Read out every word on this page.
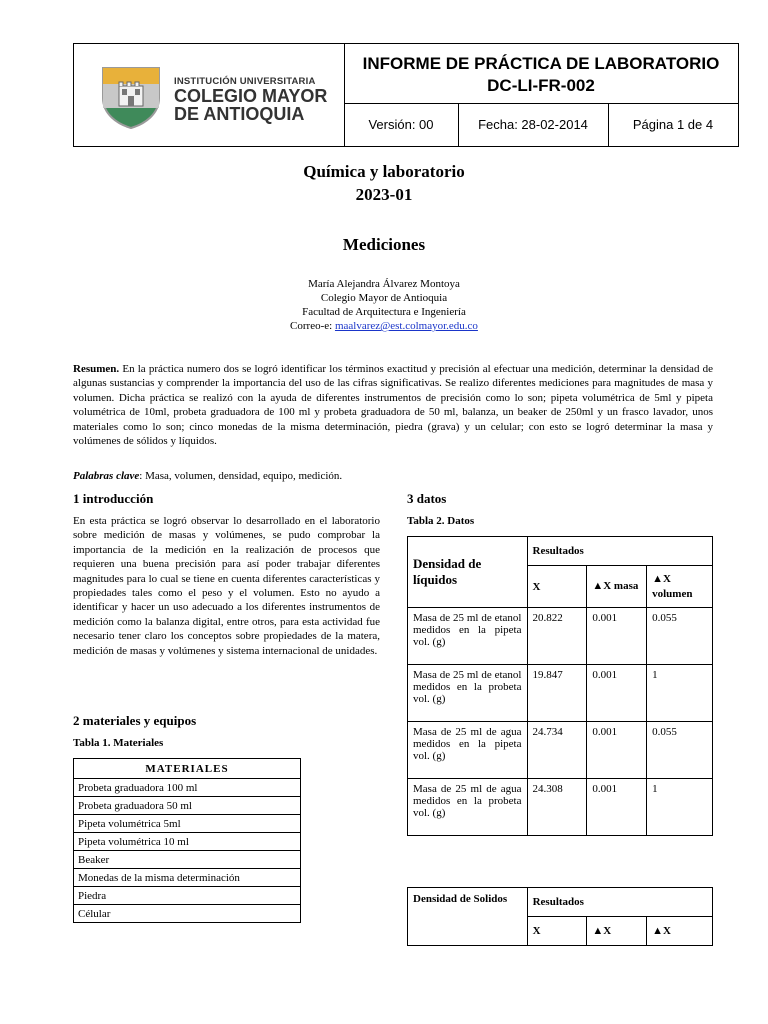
INSTITUCIÓN UNIVERSITARIA
COLEGIO MAYOR
DE ANTIOQUIA
INFORME DE PRÁCTICA DE LABORATORIO
DC-LI-FR-002
Versión: 00	Fecha: 28-02-2014	Página 1 de 4
Química y laboratorio
2023-01
Mediciones
María Alejandra Álvarez Montoya
Colegio Mayor de Antioquia
Facultad de Arquitectura e Ingeniería
Correo-e: maalvarez@est.colmayor.edu.co
Resumen. En la práctica numero dos se logró identificar los términos exactitud y precisión al efectuar una medición, determinar la densidad de algunas sustancias y comprender la importancia del uso de las cifras significativas. Se realizo diferentes mediciones para magnitudes de masa y volumen. Dicha práctica se realizó con la ayuda de diferentes instrumentos de precisión como lo son; pipeta volumétrica de 5ml y pipeta volumétrica de 10ml, probeta graduadora de 100 ml y probeta graduadora de 50 ml, balanza, un beaker de 250ml y un frasco lavador, unos materiales como lo son; cinco monedas de la misma determinación, piedra (grava) y un celular; con esto se logró determinar la masa y volúmenes de sólidos y líquidos.
Palabras clave: Masa, volumen, densidad, equipo, medición.
1 introducción
En esta práctica se logró observar lo desarrollado en el laboratorio sobre medición de masas y volúmenes, se pudo comprobar la importancia de la medición en la realización de procesos que requieren una buena precisión para así poder trabajar diferentes magnitudes para lo cual se tiene en cuenta diferentes características y propiedades tales como el peso y el volumen. Esto no ayudo a identificar y hacer un uso adecuado a los diferentes instrumentos de medición como la balanza digital, entre otros, para esta actividad fue necesario tener claro los conceptos sobre propiedades de la matera, medición de masas y volúmenes y sistema internacional de unidades.
2 materiales y equipos
Tabla 1. Materiales
MATERIALES
Probeta graduadora 100 ml
Probeta graduadora 50 ml
Pipeta volumétrica 5ml
Pipeta volumétrica 10 ml
Beaker
Monedas de la misma determinación
Piedra
Célular
3 datos
Tabla 2. Datos
Densidad de líquidos	Resultados		
	X	▲X masa	▲X volumen
Masa de 25 ml de etanol medidos en la pipeta vol. (g)	20.822	0.001	0.055
Masa de 25 ml de etanol medidos en la probeta vol. (g)	19.847	0.001	1
Masa de 25 ml de agua medidos en la pipeta vol. (g)	24.734	0.001	0.055
Masa de 25 ml de agua medidos en la probeta vol. (g)	24.308	0.001	1
Densidad de Solidos	Resultados		
	X	▲X	▲X
